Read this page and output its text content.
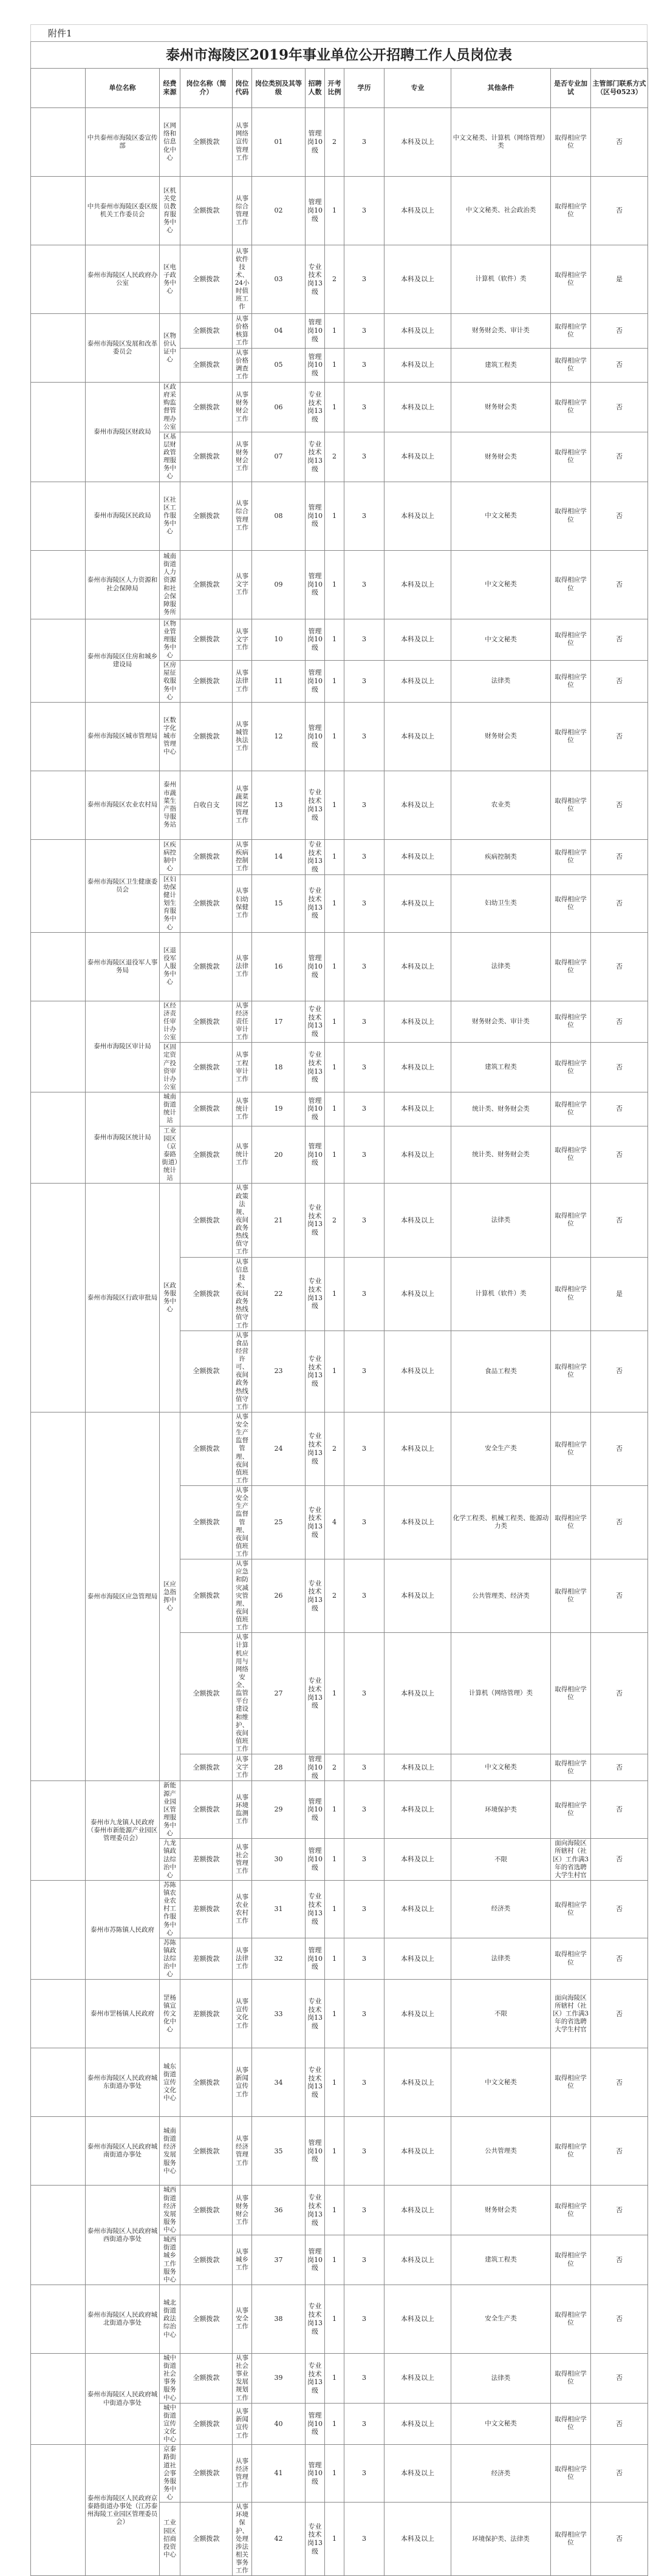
附件1
泰州市海陵区2019年事业单位公开招聘工作人员岗位表
	单位名称	经费来源	岗位名称（简介）	岗位代码	岗位类别及其等级	招聘人数	开考比例	学历	专业	其他条件	是否专业加试	主管部门联系方式（区号0523）	
	中共泰州市海陵区委宣传部	区网络和信息化中心	全额拨款	从事网络宣传管理工作	01	管理岗10级	2	3	本科及以上	中文文秘类、计算机（网络管理）类	取得相应学位	否	
	中共泰州市海陵区委区级机关工作委员会	区机关党员教育服务中心	全额拨款	从事综合管理工作	02	管理岗10级	1	3	本科及以上	中文文秘类、社会政治类	取得相应学位	否	
	泰州市海陵区人民政府办公室	区电子政务中心	全额拨款	从事软件技术、24小时值班工作	03	专业技术岗13级	2	3	本科及以上	计算机（软件）类	取得相应学位	是	
	泰州市海陵区发展和改革委员会	区物价认证中心	全额拨款	从事价格核算工作	04	管理岗10级	1	3	本科及以上	财务财会类、审计类	取得相应学位	否	
			全额拨款	从事价格调查工作	05	管理岗10级	1	3	本科及以上	建筑工程类	取得相应学位	否	
	泰州市海陵区财政局	区政府采购监督管理办公室	全额拨款	从事财务财会工作	06	专业技术岗13级	1	3	本科及以上	财务财会类	取得相应学位	否	
		区基层财政管理服务中心	全额拨款	从事财务财会工作	07	专业技术岗13级	2	3	本科及以上	财务财会类	取得相应学位	否	
	泰州市海陵区民政局	区社区工作服务中心	全额拨款	从事综合管理工作	08	管理岗10级	1	3	本科及以上	中文文秘类	取得相应学位	否	
	泰州市海陵区人力资源和社会保障局	城南街道人力资源和社会保障服务所	全额拨款	从事文字工作	09	管理岗10级	1	3	本科及以上	中文文秘类	取得相应学位	否	
	泰州市海陵区住房和城乡建设局	区物业管理服务中心	全额拨款	从事文字工作	10	管理岗10级	1	3	本科及以上	中文文秘类	取得相应学位	否	
		区房屋征收服务中心	全额拨款	从事法律工作	11	管理岗10级	1	3	本科及以上	法律类	取得相应学位	否	
	泰州市海陵区城市管理局	区数字化城市管理中心	全额拨款	从事城管执法工作	12	管理岗10级	1	3	本科及以上	财务财会类	取得相应学位	否	
	泰州市海陵区农业农村局	泰州市蔬菜生产指导服务站	自收自支	从事蔬菜园艺管理工作	13	专业技术岗13级	1	3	本科及以上	农业类	取得相应学位	否	
	泰州市海陵区卫生健康委员会	区疾病控制中心	全额拨款	从事疾病控制工作	14	专业技术岗13级	1	3	本科及以上	疾病控制类	取得相应学位	否	
		区妇幼保健计划生育服务中心	全额拨款	从事妇幼保健工作	15	专业技术岗13级	1	3	本科及以上	妇幼卫生类	取得相应学位	否	
	泰州市海陵区退役军人事务局	区退役军人服务中心	全额拨款	从事法律工作	16	管理岗10级	1	3	本科及以上	法律类	取得相应学位	否	
	泰州市海陵区审计局	区经济责任审计办公室	全额拨款	从事经济责任审计工作	17	专业技术岗13级	1	3	本科及以上	财务财会类、审计类	取得相应学位	否	
		区固定资产投资审计办公室	全额拨款	从事工程审计工作	18	专业技术岗13级	1	3	本科及以上	建筑工程类	取得相应学位	否	
	泰州市海陵区统计局	城南街道统计站	全额拨款	从事统计工作	19	管理岗10级	1	3	本科及以上	统计类、财务财会类	取得相应学位	否	
		工业园区（京泰路街道）统计站	全额拨款	从事统计工作	20	管理岗10级	1	3	本科及以上	统计类、财务财会类	取得相应学位	否	
	泰州市海陵区行政审批局	区政务服务中心	全额拨款	从事政策法规、夜间政务热线值守工作	21	专业技术岗13级	2	3	本科及以上	法律类	取得相应学位	否	
			全额拨款	从事信息技术、夜间政务热线值守工作	22	专业技术岗13级	1	3	本科及以上	计算机（软件）类	取得相应学位	是	
			全额拨款	从事食品经营许可、夜间政务热线值守工作	23	专业技术岗13级	1	3	本科及以上	食品工程类	取得相应学位	否	
	泰州市海陵区应急管理局	区应急指挥中心	全额拨款	从事安全生产监督管理、夜间值班工作	24	专业技术岗13级	2	3	本科及以上	安全生产类	取得相应学位	否	
			全额拨款	从事安全生产监督管理、夜间值班工作	25	专业技术岗13级	4	3	本科及以上	化学工程类、机械工程类、能源动力类	取得相应学位	否	
			全额拨款	从事应急和防灾减灾管理、夜间值班工作	26	专业技术岗13级	2	3	本科及以上	公共管理类、经济类	取得相应学位	否	
			全额拨款	从事计算机应用与网络安全、监管平台建设和维护、夜间值班工作	27	专业技术岗13级	1	3	本科及以上	计算机（网络管理）类	取得相应学位	否	
			全额拨款	从事文字工作	28	管理岗10级	2	3	本科及以上	中文文秘类	取得相应学位	否	
	泰州市九龙镇人民政府（泰州市新能源产业园区管理委员会）	新能源产业园区管理服务中心	全额拨款	从事环境监测工作	29	管理岗10级	1	3	本科及以上	环境保护类	取得相应学位	否	
		九龙镇政法综治中心	差额拨款	从事社会管理工作	30	管理岗10级	1	3	本科及以上	不限	面向海陵区所辖村（社区）工作满3年的省选聘大学生村官	否	
	泰州市苏陈镇人民政府	苏陈镇农业农村工作服务中心	差额拨款	从事农业农村工作	31	专业技术岗13级	1	3	本科及以上	经济类	取得相应学位	否	
		苏陈镇政法综治中心	差额拨款	从事法律工作	32	管理岗10级	1	3	本科及以上	法律类	取得相应学位	否	
	泰州市罡杨镇人民政府	罡杨镇宣传文化中心	差额拨款	从事宣传文化工作	33	专业技术岗13级	1	3	本科及以上	不限	面向海陵区所辖村（社区）工作满3年的省选聘大学生村官	否	
	泰州市海陵区人民政府城东街道办事处	城东街道宣传文化中心	全额拨款	从事新闻宣传工作	34	专业技术岗13级	1	3	本科及以上	中文文秘类	取得相应学位	否	
	泰州市海陵区人民政府城南街道办事处	城南街道经济发展服务中心	全额拨款	从事经济管理工作	35	管理岗10级	1	3	本科及以上	公共管理类	取得相应学位	否	
	泰州市海陵区人民政府城西街道办事处	城西街道经济发展服务中心	全额拨款	从事财务财会工作	36	专业技术岗13级	1	3	本科及以上	财务财会类	取得相应学位	否	
		城西街道城乡工作服务中心	全额拨款	从事城乡工作	37	管理岗10级	1	3	本科及以上	建筑工程类	取得相应学位	否	
	泰州市海陵区人民政府城北街道办事处	城北街道政法综治中心	全额拨款	从事安全工作	38	专业技术岗13级	1	3	本科及以上	安全生产类	取得相应学位	否	
	泰州市海陵区人民政府城中街道办事处	城中街道社会事务服务中心	全额拨款	从事社会事业发展规划工作	39	专业技术岗13级	1	3	本科及以上	法律类	取得相应学位	否	
		城中街道宣传文化中心	全额拨款	从事新闻宣传工作	40	管理岗10级	1	3	本科及以上	中文文秘类	取得相应学位	否	
	泰州市海陵区人民政府京泰路街道办事处（江苏泰州海陵工业园区管理委员会）	京泰路街道社会事务服务中心	全额拨款	从事经济管理工作	41	管理岗10级	1	3	本科及以上	经济类	取得相应学位	否	
		工业园区招商投资中心	全额拨款	从事环境保护、处理涉法相关事务工作	42	专业技术岗13级	1	3	本科及以上	环境保护类、法律类	取得相应学位	否	
